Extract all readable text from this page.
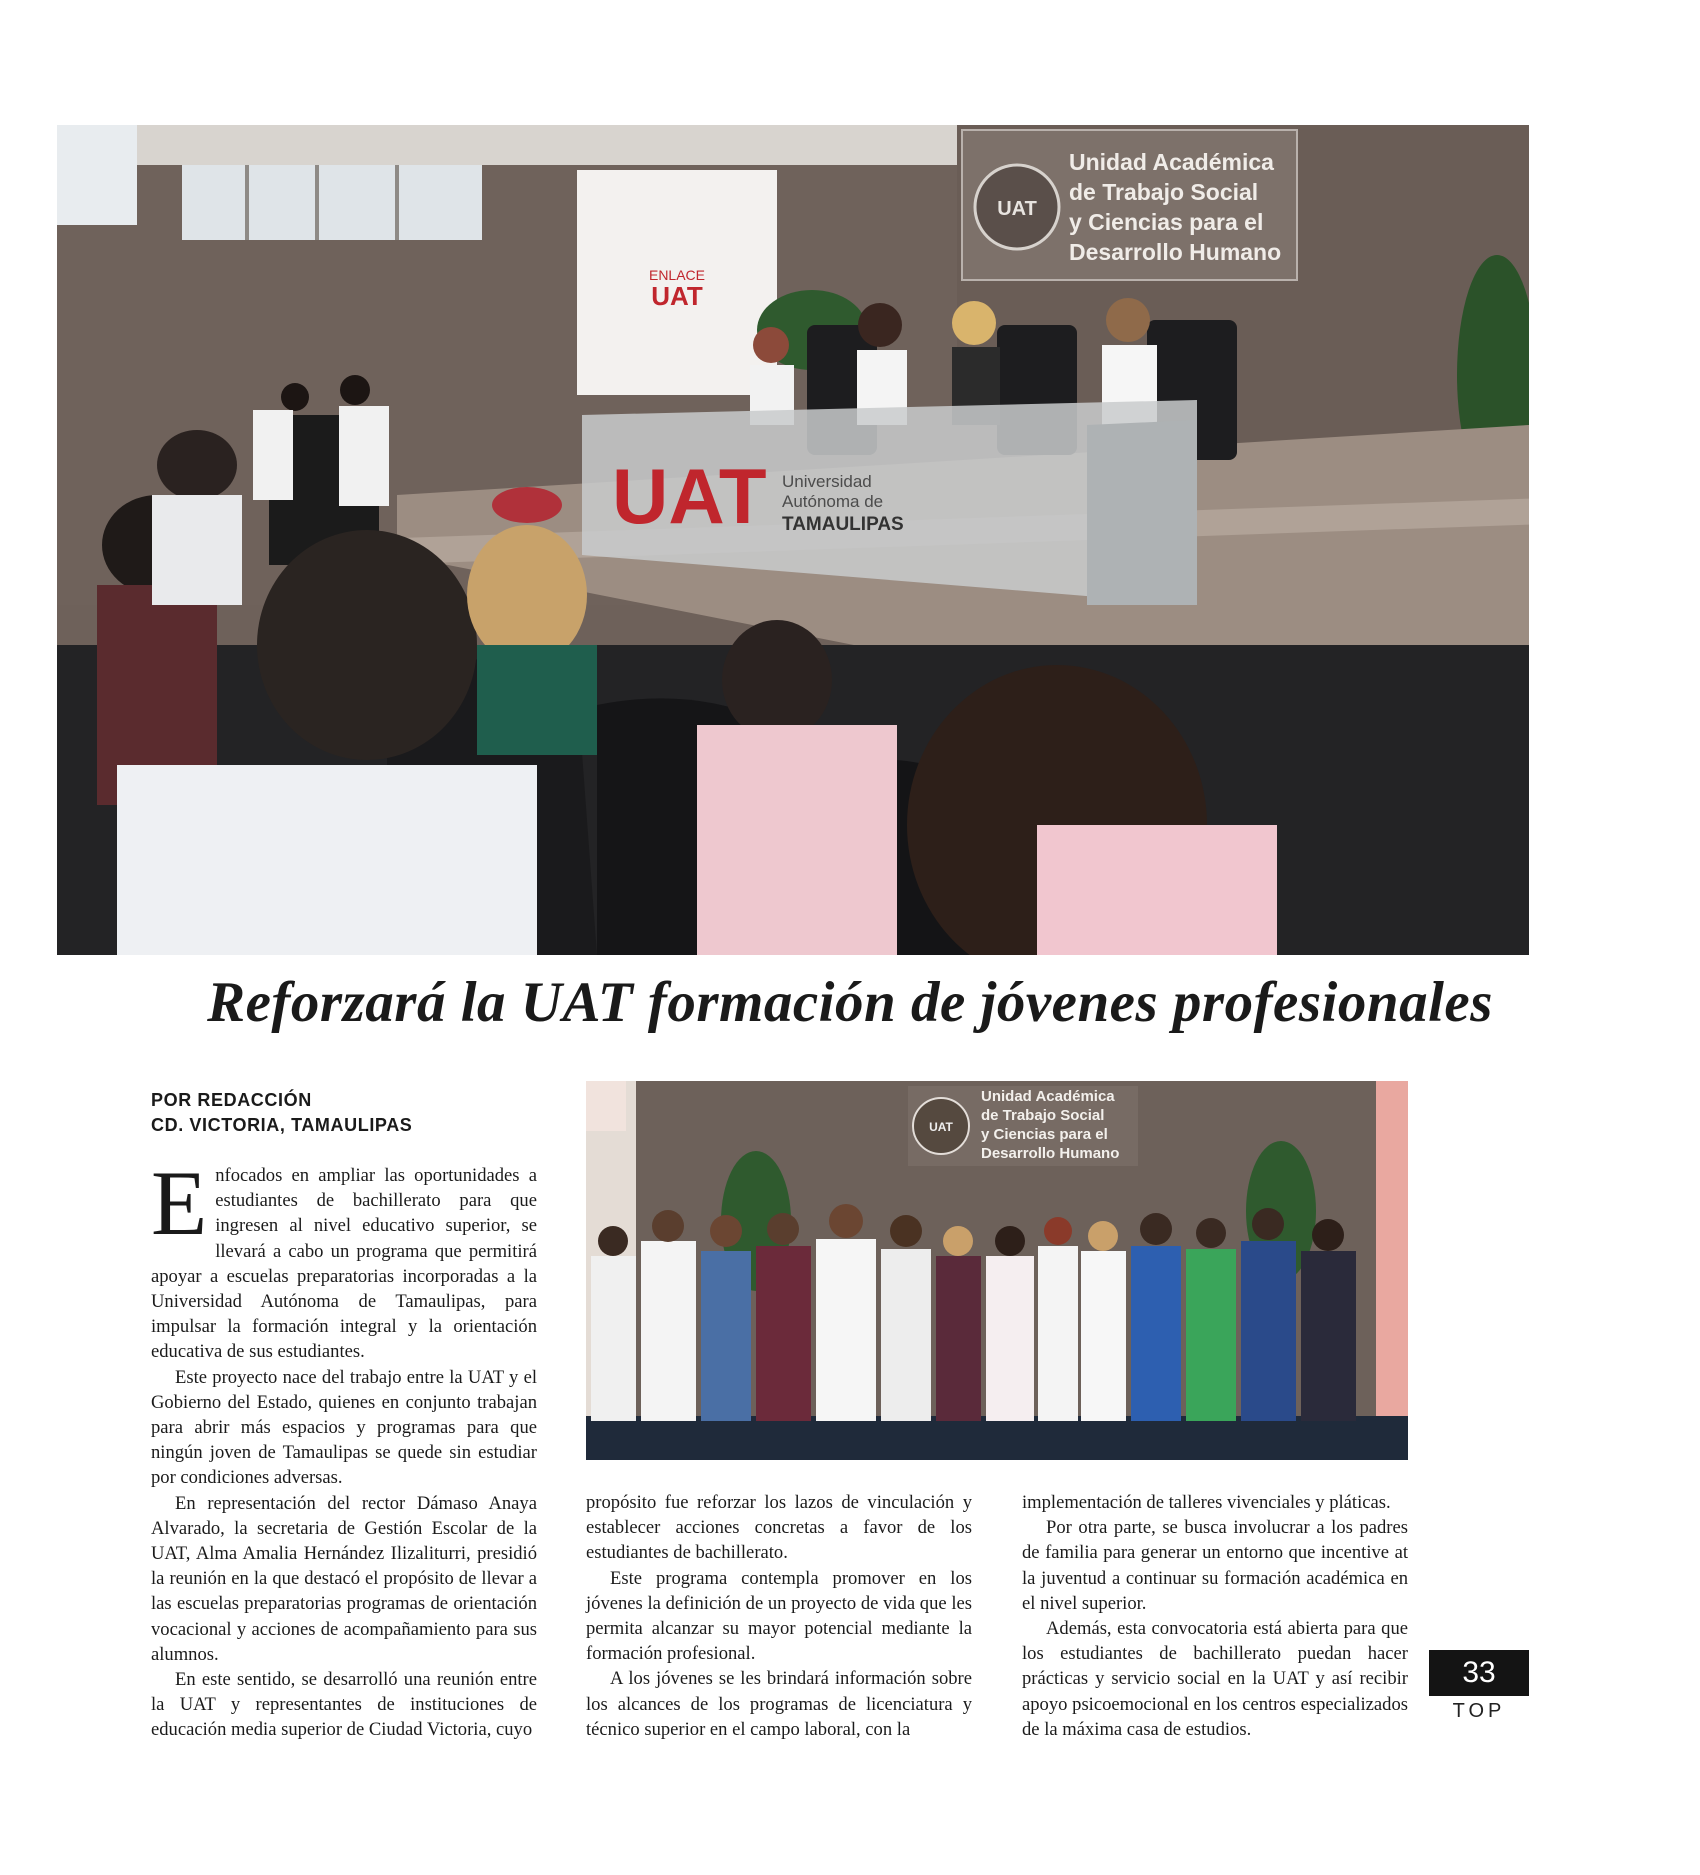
ENLACE
UAT
UAT
Unidad Académica
de Trabajo Social
y Ciencias para el
Desarrollo Humano
UAT Universidad
Autónoma de
TAMAULIPAS
Reforzará la UAT formación de jóvenes profesionales
POR REDACCIÓN
CD. VICTORIA, TAMAULIPAS	UAT
Unidad Académica
de Trabajo Social
y Ciencias para el
Desarrollo Humano

Enfocados en ampliar las oportunidades a estudiantes de bachillerato para que ingresen al nivel educativo superior, se llevará a cabo un programa que permitirá apoyar a escuelas preparatorias incorporadas a la Universidad Autónoma de Tamaulipas, para impulsar la formación integral y la orientación educativa de sus estudiantes.

Este proyecto nace del trabajo entre la UAT y el Gobierno del Estado, quienes en conjunto trabajan para abrir más espacios y programas para que ningún joven de Tamaulipas se quede sin estudiar por condiciones adversas.

En representación del rector Dámaso Anaya Alvarado, la secretaria de Gestión Escolar de la UAT, Alma Amalia Hernández Ilizaliturri, presidió la reunión en la que destacó el propósito de llevar a las escuelas preparatorias programas de orientación vocacional y acciones de acompañamiento para sus alumnos.

En este sentido, se desarrolló una reunión entre la UAT y representantes de instituciones de educación media superior de Ciudad Victoria, cuyo

propósito fue reforzar los lazos de vinculación y establecer acciones concretas a favor de los estudiantes de bachillerato.

Este programa contempla promover en los jóvenes la definición de un proyecto de vida que les permita alcanzar su mayor potencial mediante la formación profesional.

A los jóvenes se les brindará información sobre los alcances de los programas de licenciatura y técnico superior en el campo laboral, con la

implementación de talleres vivenciales y pláticas.

Por otra parte, se busca involucrar a los padres de familia para generar un entorno que incentive at la juventud a continuar su formación académica en el nivel superior.

Además, esta convocatoria está abierta para que los estudiantes de bachillerato puedan hacer prácticas y servicio social en la UAT y así recibir apoyo psicoemocional en los centros especializados de la máxima casa de estudios.

33
TOP
